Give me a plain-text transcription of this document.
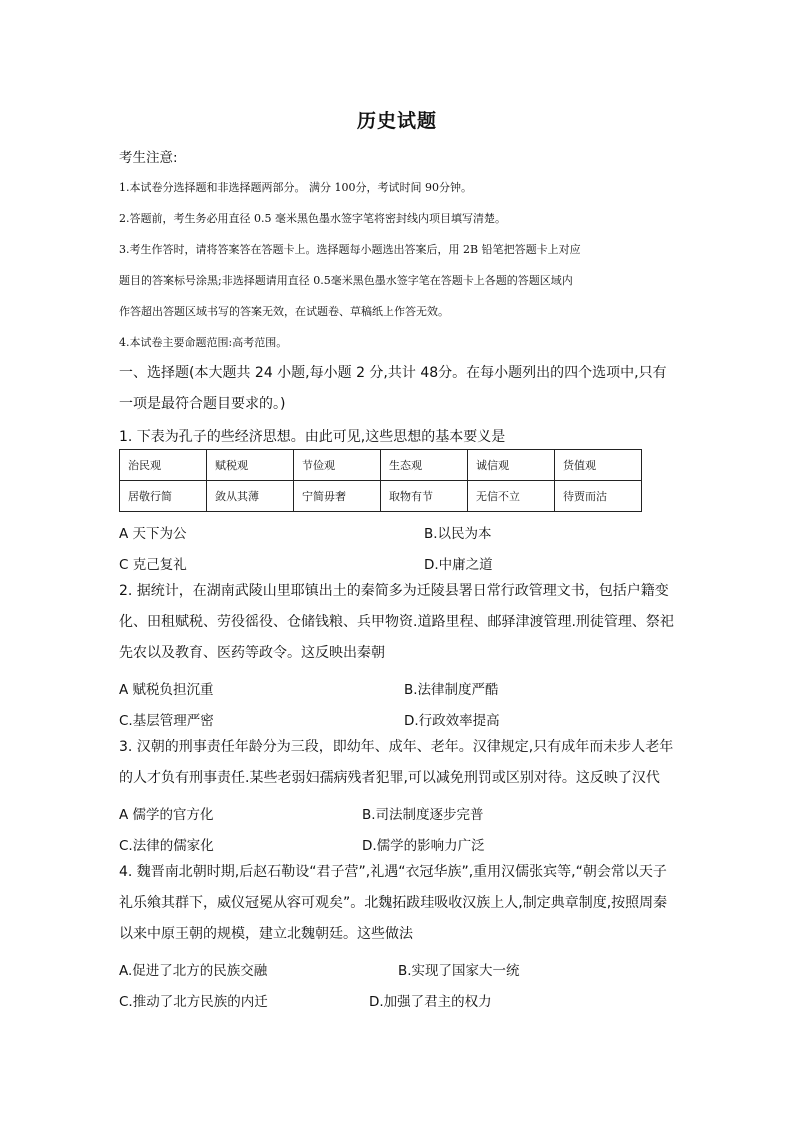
历史试题
考生注意:
1.本试卷分选择题和非选择题两部分。 满分 100分，考试时间 90分钟。
2.答题前，考生务必用直径 0.5 毫米黑色墨水签字笔将密封线内项目填写清楚。
3.考生作答时，请将答案答在答题卡上。选择题每小题选出答案后，用 2B 铅笔把答题卡上对应
题目的答案标号涂黑;非选择题请用直径 0.5毫米黑色墨水签字笔在答题卡上各题的答题区域内
作答超出答题区域书写的答案无效，在试题卷、草稿纸上作答无效。
4.本试卷主要命题范围:高考范围。
一、选择题(本大题共 24 小题,每小题 2 分,共计 48分。在每小题列出的四个选项中,只有一项是最符合题目要求的。)
1. 下表为孔子的些经济思想。由此可见,这些思想的基本要义是
治民观	赋税观	节俭观	生态观	诚信观	货值观
居敬行简	敛从其薄	宁简毋奢	取物有节	无信不立	待贾而沽
A 天下为公	B.以民为本
C 克己复礼	D.中庸之道
2. 据统计，在湖南武陵山里耶镇出土的秦简多为迁陵县署日常行政管理文书，包括户籍变化、田租赋税、劳役徭役、仓储钱粮、兵甲物资.道路里程、邮驿津渡管理.刑徒管理、祭祀先农以及教育、医药等政令。这反映出秦朝
A 赋税负担沉重	B.法律制度严酷
C.基层管理严密	D.行政效率提高
3. 汉朝的刑事责任年龄分为三段，即幼年、成年、老年。汉律规定,只有成年而未步人老年的人才负有刑事责任.某些老弱妇孺病残者犯罪,可以减免刑罚或区别对待。这反映了汉代
A 儒学的官方化	B.司法制度逐步完普
C.法律的儒家化	D.儒学的影响力广泛
4. 魏晋南北朝时期,后赵石勒设“君子营”,礼遇“衣冠华族”,重用汉儒张宾等,“朝会常以天子礼乐飨其群下，威仪冠冕从容可观矣”。北魏拓跋珪吸收汉族上人,制定典章制度,按照周秦以来中原王朝的规模，建立北魏朝廷。这些做法
A.促进了北方的民族交融	B.实现了国家大一统
C.推动了北方民族的内迁	D.加强了君主的权力
